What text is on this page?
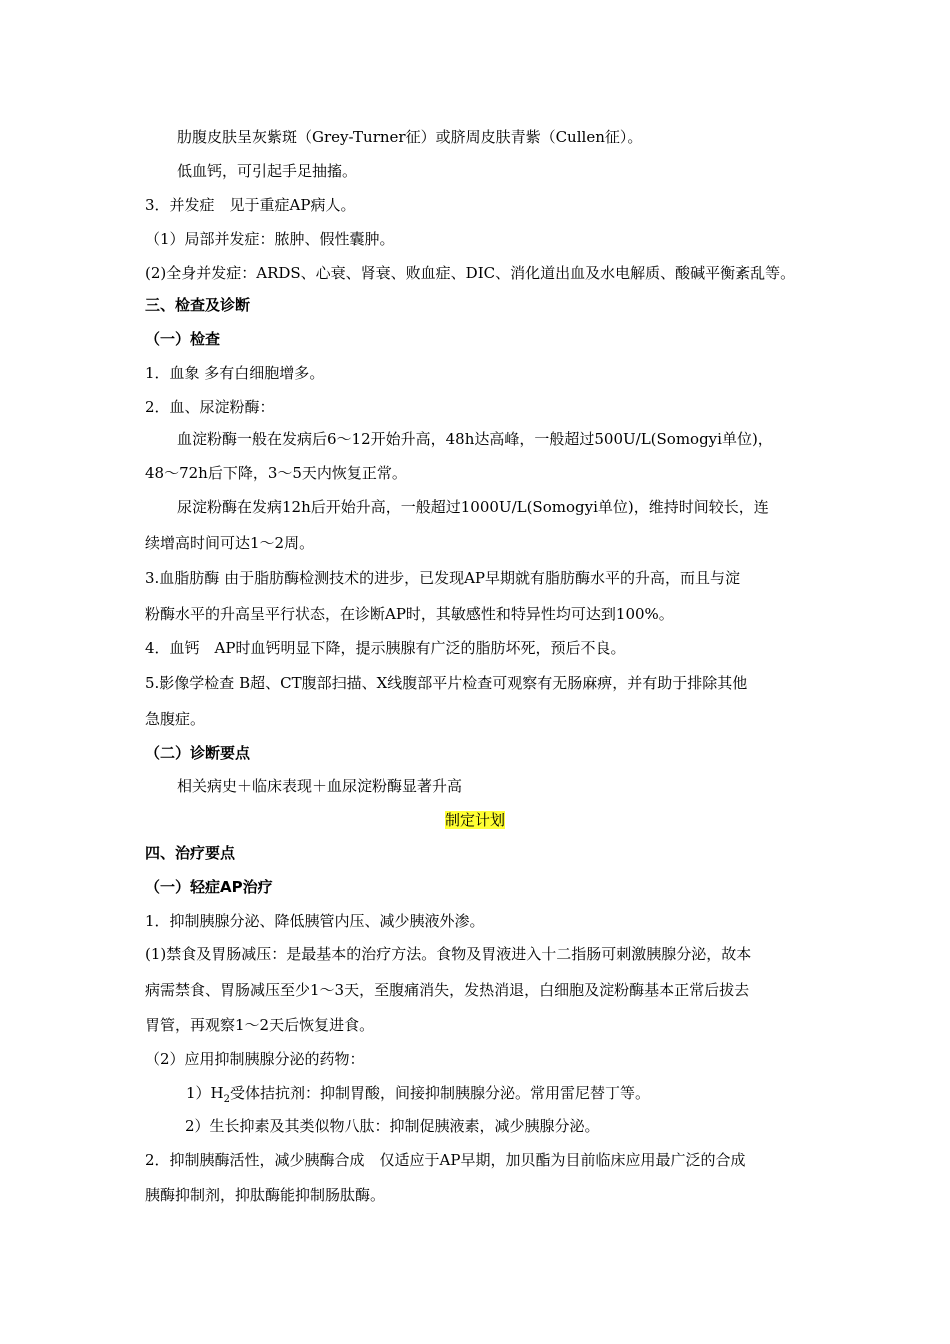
肋腹皮肤呈灰紫斑（Grey-Turner征）或脐周皮肤青紫（Cullen征）。
低血钙，可引起手足抽搐。
3．并发症　见于重症AP病人。
（1）局部并发症：脓肿、假性囊肿。
(2)全身并发症：ARDS、心衰、肾衰、败血症、DIC、消化道出血及水电解质、酸碱平衡紊乱等。
三、检查及诊断
（一）检查
1．血象 多有白细胞增多。
2．血、尿淀粉酶：
血淀粉酶一般在发病后6～12开始升高，48h达高峰，一般超过500U/L(Somogyi单位)，
48～72h后下降，3～5天内恢复正常。
尿淀粉酶在发病12h后开始升高，一般超过1000U/L(Somogyi单位)，维持时间较长，连
续增高时间可达1～2周。
3.血脂肪酶 由于脂肪酶检测技术的进步，已发现AP早期就有脂肪酶水平的升高，而且与淀
粉酶水平的升高呈平行状态，在诊断AP时，其敏感性和特异性均可达到100%。
4．血钙　AP时血钙明显下降，提示胰腺有广泛的脂肪坏死，预后不良。
5.影像学检查 B超、CT腹部扫描、X线腹部平片检查可观察有无肠麻痹，并有助于排除其他
急腹症。
（二）诊断要点
相关病史＋临床表现＋血尿淀粉酶显著升高
制定计划
四、治疗要点
（一）轻症AP治疗
1．抑制胰腺分泌、降低胰管内压、减少胰液外渗。
(1)禁食及胃肠减压：是最基本的治疗方法。食物及胃液进入十二指肠可刺激胰腺分泌，故本
病需禁食、胃肠减压至少1～3天，至腹痛消失，发热消退，白细胞及淀粉酶基本正常后拔去
胃管，再观察1～2天后恢复进食。
（2）应用抑制胰腺分泌的药物：
$1)H_2$受体拮抗剂：抑制胃酸，间接抑制胰腺分泌。常用雷尼替丁等。
2）生长抑素及其类似物八肽：抑制促胰液素，减少胰腺分泌。
2．抑制胰酶活性，减少胰酶合成　仅适应于AP早期，加贝酯为目前临床应用最广泛的合成
胰酶抑制剂，抑肽酶能抑制肠肽酶。
